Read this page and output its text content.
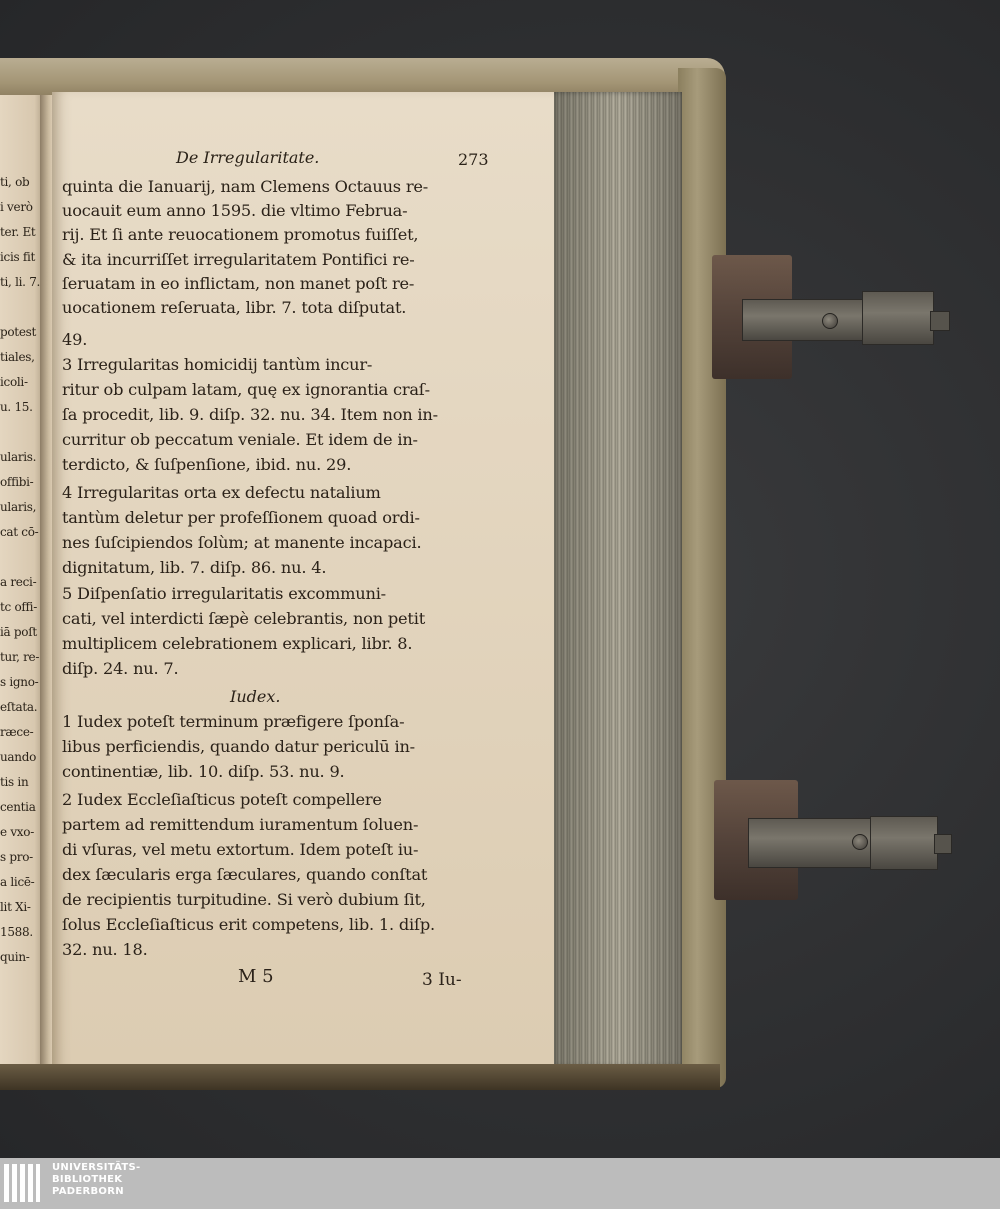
ti, ob
i verò
ter. Et
icis fit
ti, li. 7.
potest
tiales,
icoli-
u. 15.
ularis.
offibi-
ularis,
cat cō-
a reci-
tc offi-
iā poſt
tur, re-
s igno-
eſtata.
ræce-
uando
tis in
centia
e vxo-
s pro-
a licē-
lit Xi-
1588.
quin-
De Irregularitate.	273
quinta die Ianuarij, nam Clemens Octauus re-
uocauit eum anno 1595. die vltimo Februa-
rij. Et ſi ante reuocationem promotus fuiſſet,
& ita incurriſſet irregularitatem Pontifici re-
ſeruatam in eo inflictam, non manet poſt re-
uocationem reſeruata, libr. 7. tota diſputat.
49.
3 Irregularitas homicidij tantùm incur-
ritur ob culpam latam, quę ex ignorantia craſ-
ſa procedit, lib. 9. diſp. 32. nu. 34. Item non in-
curritur ob peccatum veniale. Et idem de in-
terdicto, & ſuſpenſione, ibid. nu. 29.
4 Irregularitas orta ex defectu natalium
tantùm deletur per profeſſionem quoad ordi-
nes ſuſcipiendos ſolùm; at manente incapaci.
dignitatum, lib. 7. diſp. 86. nu. 4.
5 Diſpenſatio irregularitatis excommuni-
cati, vel interdicti ſæpè celebrantis, non petit
multiplicem celebrationem explicari, libr. 8.
diſp. 24. nu. 7.
1 Iudex poteſt terminum præfigere ſponſa-
libus perficiendis, quando datur periculū in-
continentiæ, lib. 10. diſp. 53. nu. 9.
2 Iudex Eccleſiaſticus poteſt compellere
partem ad remittendum iuramentum ſoluen-
di vſuras, vel metu extortum. Idem poteſt iu-
dex ſæcularis erga ſæculares, quando conſtat
de recipientis turpitudine. Si verò dubium ſit,
ſolus Eccleſiaſticus erit competens, lib. 1. diſp.
32. nu. 18.
Iudex.
M 5	3 Iu-
UNIVERSITÄTS-
BIBLIOTHEK
PADERBORN
